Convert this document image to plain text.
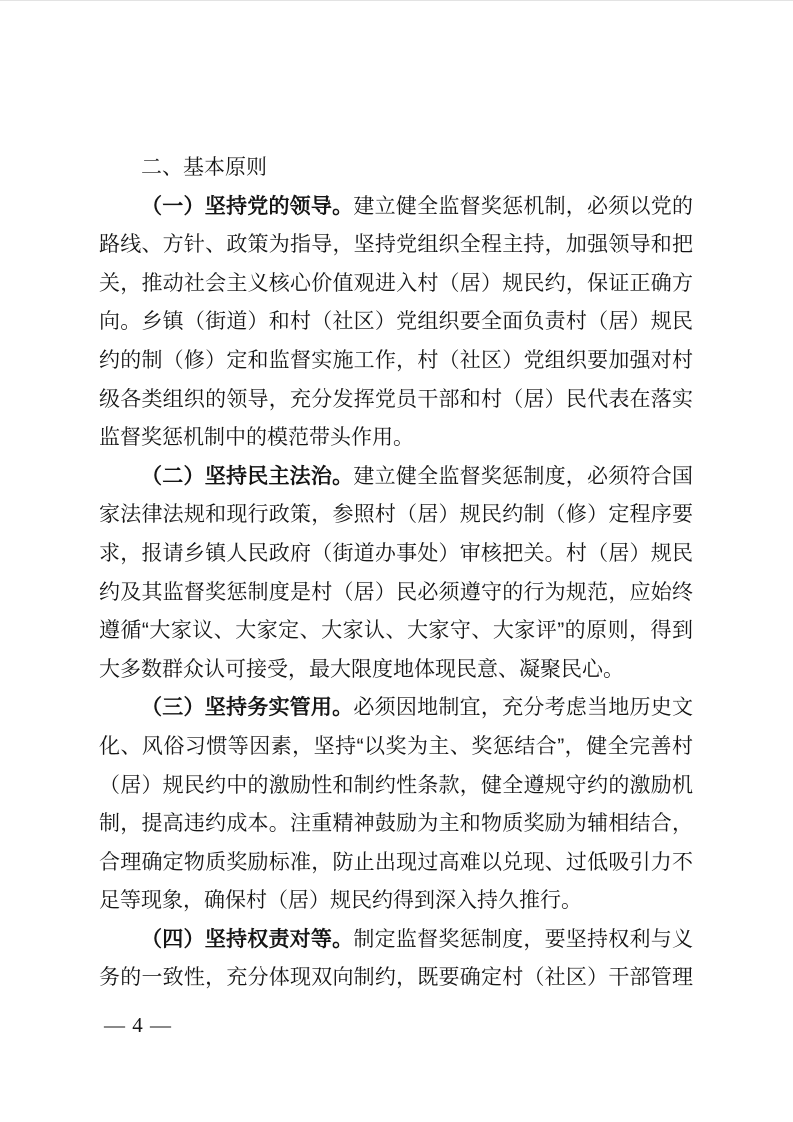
二、基本原则
（一）坚持党的领导。建立健全监督奖惩机制，必须以党的
路线、方针、政策为指导，坚持党组织全程主持，加强领导和把
关，推动社会主义核心价值观进入村（居）规民约，保证正确方
向。乡镇（街道）和村（社区）党组织要全面负责村（居）规民
约的制（修）定和监督实施工作，村（社区）党组织要加强对村
级各类组织的领导，充分发挥党员干部和村（居）民代表在落实
监督奖惩机制中的模范带头作用。
（二）坚持民主法治。建立健全监督奖惩制度，必须符合国
家法律法规和现行政策，参照村（居）规民约制（修）定程序要
求，报请乡镇人民政府（街道办事处）审核把关。村（居）规民
约及其监督奖惩制度是村（居）民必须遵守的行为规范，应始终
遵循“大家议、大家定、大家认、大家守、大家评”的原则，得到
大多数群众认可接受，最大限度地体现民意、凝聚民心。
（三）坚持务实管用。必须因地制宜，充分考虑当地历史文
化、风俗习惯等因素，坚持“以奖为主、奖惩结合”，健全完善村
（居）规民约中的激励性和制约性条款，健全遵规守约的激励机
制，提高违约成本。注重精神鼓励为主和物质奖励为辅相结合，
合理确定物质奖励标准，防止出现过高难以兑现、过低吸引力不
足等现象，确保村（居）规民约得到深入持久推行。
（四）坚持权责对等。制定监督奖惩制度，要坚持权利与义
务的一致性，充分体现双向制约，既要确定村（社区）干部管理
— 4 —
